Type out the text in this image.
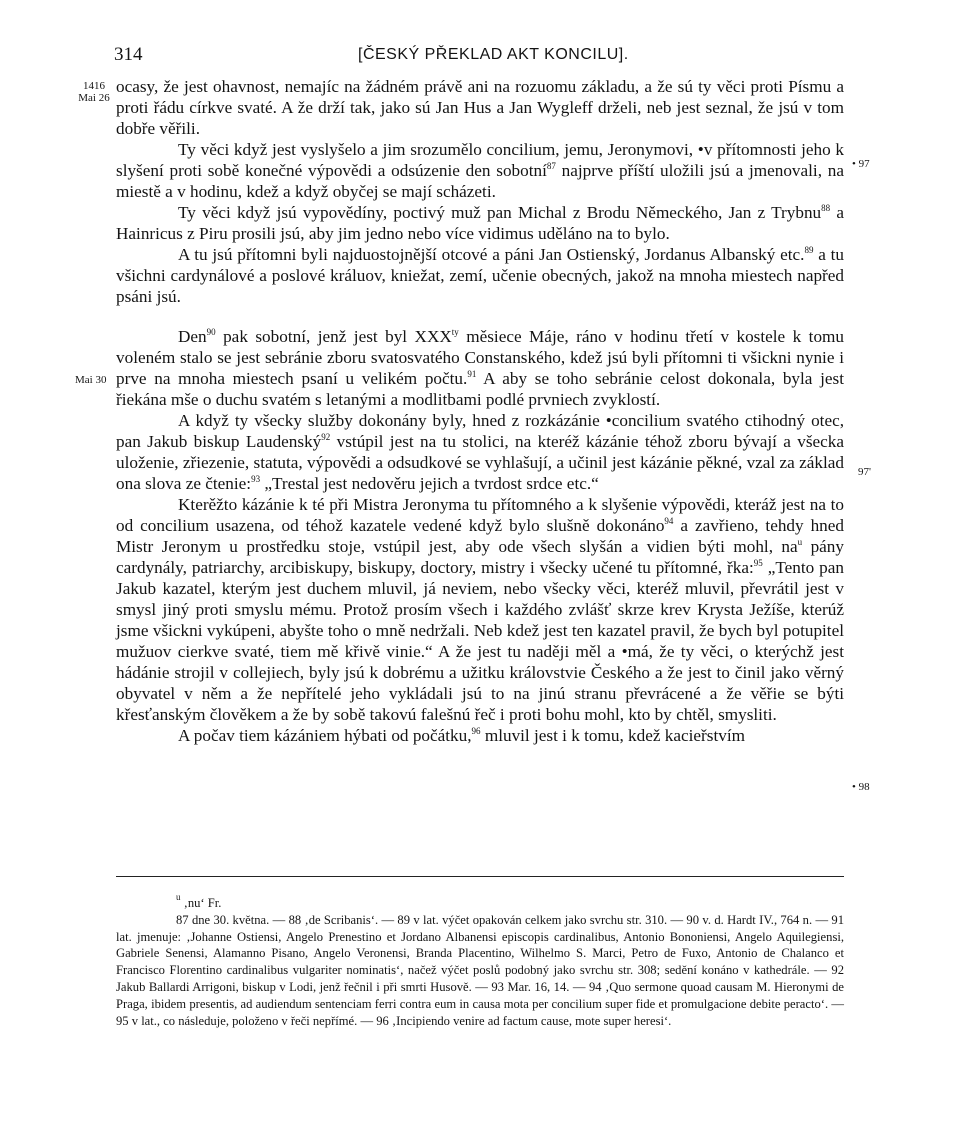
314	[ČESKÝ PŘEKLAD AKT KONCILU].
1416
Mai 26
Mai 30
• 97
97'
• 98

ocasy, že jest ohavnost, nemajíc na žádném právě ani na rozuomu základu, a že sú ty věci proti Písmu a proti řádu církve svaté. A že drží tak, jako sú Jan Hus a Jan Wygleff drželi, neb jest seznal, že jsú v tom dobře věřili.

Ty věci když jest vyslyšelo a jim srozumělo concilium, jemu, Jeronymovi, •v přítomnosti jeho k slyšení proti sobě konečné výpovědi a odsúzenie den sobotní$^{87}$ najprve příští uložili jsú a jmenovali, na miestě a v hodinu, kdež a když obyčej se mají scházeti.

Ty věci když jsú vypovědíny, poctivý muž pan Michal z Brodu Německého, Jan z Trybnu$^{88}$ a Hainricus z Piru prosili jsú, aby jim jedno nebo více vidimus uděláno na to bylo.

A tu jsú přítomni byli najduostojnější otcové a páni Jan Ostienský, Jordanus Albanský etc.$^{89}$ a tu všichni cardynálové a poslové králuov, kniežat, zemí, učenie obecných, jakož na mnoha miestech napřed psáni jsú.

Den$^{90}$ pak sobotní, jenž jest byl $XXX^{ty}$ měsiece Máje, ráno v hodinu třetí v kostele k tomu voleném stalo se jest sebránie zboru svatosvatého Constanského, kdež jsú byli přítomni ti všickni nynie i prve na mnoha miestech psaní u velikém počtu.$^{91}$ A aby se toho sebránie celost dokonala, byla jest řiekána mše o duchu svatém s letanými a modlitbami podlé prvniech zvyklostí.

A když ty všecky služby dokonány byly, hned z rozkázánie •concilium svatého ctihodný otec, pan Jakub biskup Laudenský$^{92}$ vstúpil jest na tu stolici, na kteréž kázánie téhož zboru bývají a všecka uloženie, zřiezenie, statuta, výpovědi a odsudkové se vyhlašují, a učinil jest kázánie pěkné, vzal za základ ona slova ze čtenie:$^{93}$ „Trestal jest nedověru jejich a tvrdost srdce etc.“

Kterěžto kázánie k té při Mistra Jeronyma tu přítomného a k slyšenie výpovědi, kteráž jest na to od concilium usazena, od téhož kazatele vedené když bylo slušně dokonáno$^{94}$ a zavřieno, tehdy hned Mistr Jeronym u prostředku stoje, vstúpil jest, aby ode všech slyšán a vidien býti mohl, $na^u$ pány cardynály, patriarchy, arcibiskupy, biskupy, doctory, mistry i všecky učené tu přítomné, řka:$^{95}$ „Tento pan Jakub kazatel, kterým jest duchem mluvil, já neviem, nebo všecky věci, kteréž mluvil, převrátil jest v smysl jiný proti smyslu mému. Protož prosím všech i každého zvlášť skrze krev Krysta Ježíše, kterúž jsme všickni vykúpeni, abyšte toho o mně nedržali. Neb kdež jest ten kazatel pravil, že bych byl potupitel mužuov cierkve svaté, tiem mě křivě vinie.“ A že jest tu naději měl a •má, že ty věci, o kterýchž jest hádánie strojil v collejiech, byly jsú k dobrému a užitku královstvie Českého a že jest to činil jako věrný obyvatel v něm a že nepřítelé jeho vykládali jsú to na jinú stranu převrácené a že věřie se býti křesťanským člověkem a že by sobě takovú falešnú řeč i proti bohu mohl, kto by chtěl, smysliti.

A počav tiem kázániem hýbati od počátku,$^{96}$ mluvil jest i k tomu, kdež kacieřstvím

$^u$ ‚nu‘ Fr.

87 dne 30. května. — 88 ‚de Scribanis‘. — 89 v lat. výčet opakován celkem jako svrchu str. 310. — 90 v. d. Hardt IV., 764 n. — 91 lat. jmenuje: ‚Johanne Ostiensi, Angelo Prenestino et Jordano Albanensi episcopis cardinalibus, Antonio Bononiensi, Angelo Aquilegiensi, Gabriele Senensi, Alamanno Pisano, Angelo Veronensi, Branda Placentino, Wilhelmo S. Marci, Petro de Fuxo, Antonio de Chalanco et Francisco Florentino cardinalibus vulgariter nominatis‘, načež výčet poslů podobný jako svrchu str. 308; sedění konáno v kathedrále. — 92 Jakub Ballardi Arrigoni, biskup v Lodi, jenž řečnil i při smrti Husově. — 93 Mar. 16, 14. — 94 ‚Quo sermone quoad causam M. Hieronymi de Praga, ibidem presentis, ad audiendum sentenciam ferri contra eum in causa mota per concilium super fide et promulgacione debite peracto‘. — 95 v lat., co následuje, položeno v řeči nepřímé. — 96 ‚Incipiendo venire ad factum cause, mote super heresi‘.
